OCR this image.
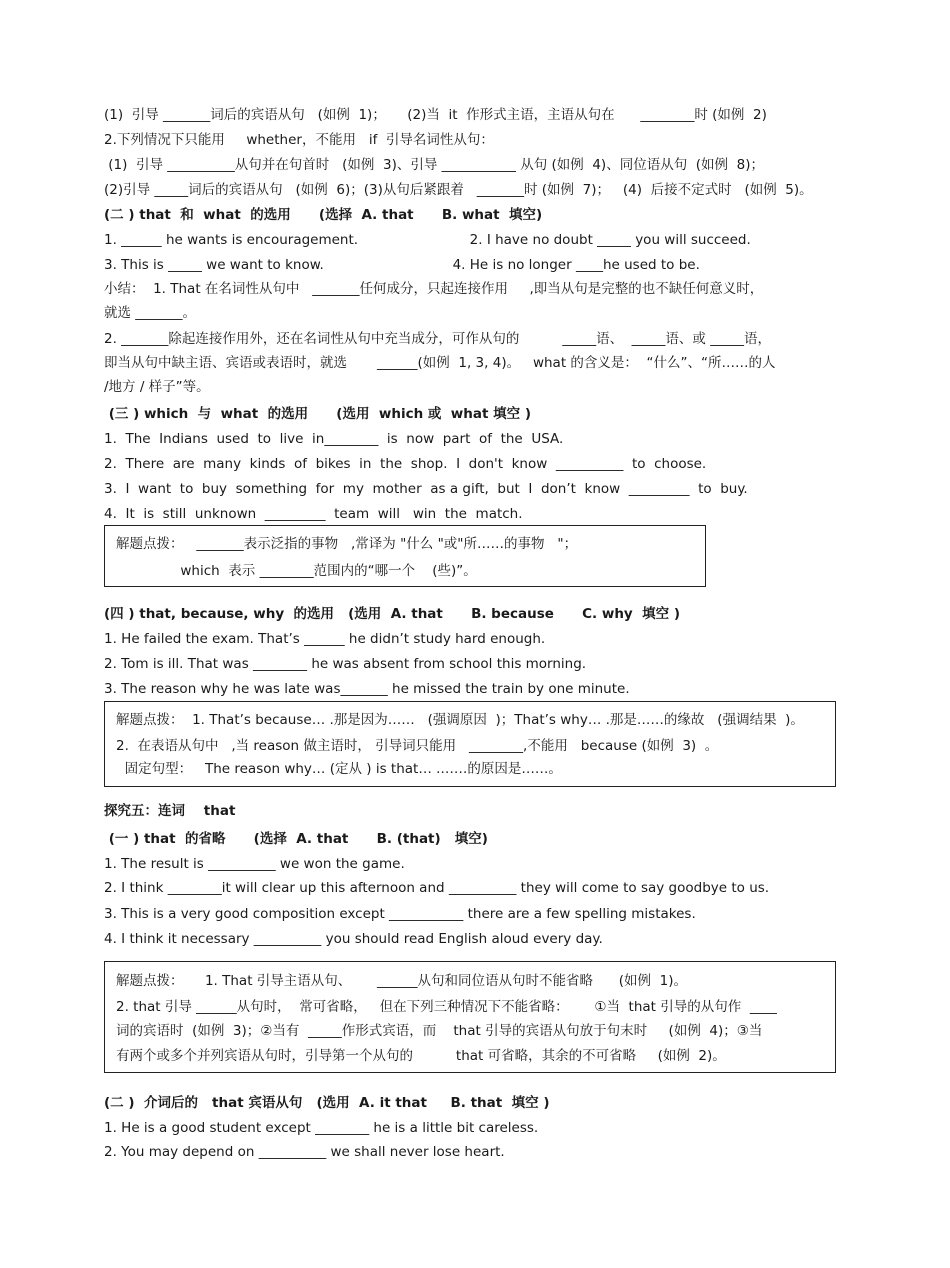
(1)  引导 _______词后的宾语从句   (如例  1)；     (2)当  it  作形式主语，主语从句在      ________时 (如例  2)
2.下列情况下只能用     whether，不能用   if  引导名词性从句：
(1)  引导 __________从句并在句首时   (如例  3)、引导 ___________ 从句 (如例  4)、同位语从句  (如例  8)；
(2)引导 _____词后的宾语从句   (如例  6)；(3)从句后紧跟着   _______时 (如例  7)；   (4)  后接不定式时   (如例  5)。
(二 ) that  和  what  的选用      (选择  A. that      B. what  填空)
1. ______ he wants is encouragement.                          2. I have no doubt _____ you will succeed.
3. This is _____ we want to know.                              4. He is no longer ____he used to be.
小结：  1. That 在名词性从句中   _______任何成分，只起连接作用     ,即当从句是完整的也不缺任何意义时，
就选 _______。
2. _______除起连接作用外，还在名词性从句中充当成分，可作从句的          _____语、  _____语、或 _____语，
即当从句中缺主语、宾语或表语时，就选       ______(如例  1, 3, 4)。   what 的含义是：  “什么”、“所……的人
/地方 / 样子”等。
(三 ) which  与  what  的选用      (选用  which 或  what 填空 )
1.  The  Indians  used  to  live  in________  is  now  part  of  the  USA.
2.  There  are  many  kinds  of  bikes  in  the  shop.  I  don't  know  __________  to  choose.
3.  I  want  to  buy  something  for  my  mother  as a gift,  but  I  don’t  know  _________  to  buy.
4.  It  is  still  unknown  _________  team  will   win  the  match.
解题点拨：   _______表示泛指的事物   ,常译为 "什么 "或"所……的事物   "；
which  表示 ________范围内的“哪一个    (些)”。
(四 ) that, because, why  的选用   (选用  A. that      B. because      C. why  填空 )
1. He failed the exam. That’s ______ he didn’t study hard enough.
2. Tom is ill. That was ________ he was absent from school this morning.
3. The reason why he was late was_______ he missed the train by one minute.
解题点拨：  1. That’s because… .那是因为……   (强调原因  )；That’s why… .那是……的缘故   (强调结果  )。
2.  在表语从句中   ,当 reason 做主语时， 引导词只能用   ________,不能用   because (如例  3)  。
固定句型：   The reason why… (定从 ) is that… .……的原因是……。
探究五：连词    that
(一 ) that  的省略      (选择  A. that      B. (that)   填空)
1. The result is __________ we won the game.
2. I think ________it will clear up this afternoon and __________ they will come to say goodbye to us.
3. This is a very good composition except ___________ there are a few spelling mistakes.
4. I think it necessary __________ you should read English aloud every day.
解题点拨：     1. That 引导主语从句、      ______从句和同位语从句时不能省略      (如例  1)。
2. that 引导 ______从句时，  常可省略，   但在下列三种情况下不能省略：      ①当  that 引导的从句作  ____
词的宾语时  (如例  3)；②当有  _____作形式宾语，而    that 引导的宾语从句放于句末时     (如例  4)；③当
有两个或多个并列宾语从句时，引导第一个从句的          that 可省略，其余的不可省略     (如例  2)。
(二 )  介词后的   that 宾语从句   (选用  A. it that     B. that  填空 )
1. He is a good student except ________ he is a little bit careless.
2. You may depend on __________ we shall never lose heart.
